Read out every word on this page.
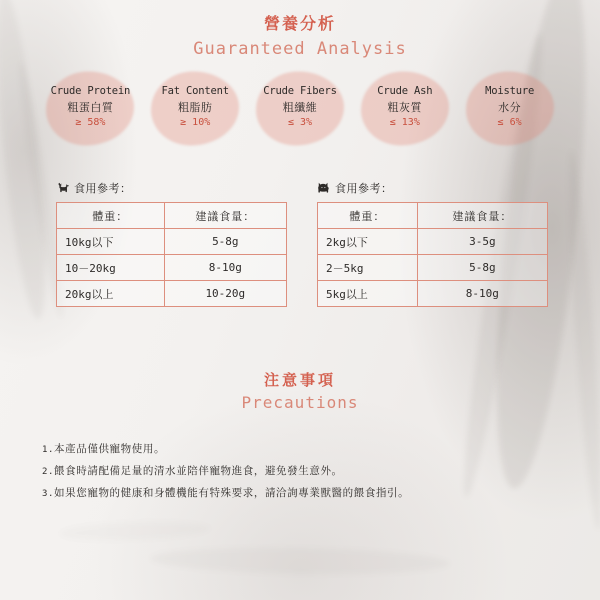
營養分析
Guaranteed Analysis
Crude Protein
粗蛋白質
≥ 58%
Fat Content
粗脂肪
≥ 10%
Crude Fibers
粗纖維
≤ 3%
Crude Ash
粗灰質
≤ 13%
Moisture
水分
≤ 6%
食用參考：
體重：	建議食量：
10kg以下	5-8g
10－20kg	8-10g
20kg以上	10-20g
食用參考：
體重：	建議食量：
2kg以下	3-5g
2－5kg	5-8g
5kg以上	8-10g
注意事項
Precautions
1.本產品僅供寵物使用。
2.餵食時請配備足量的清水並陪伴寵物進食，避免發生意外。
3.如果您寵物的健康和身體機能有特殊要求，請洽詢專業獸醫的餵食指引。
